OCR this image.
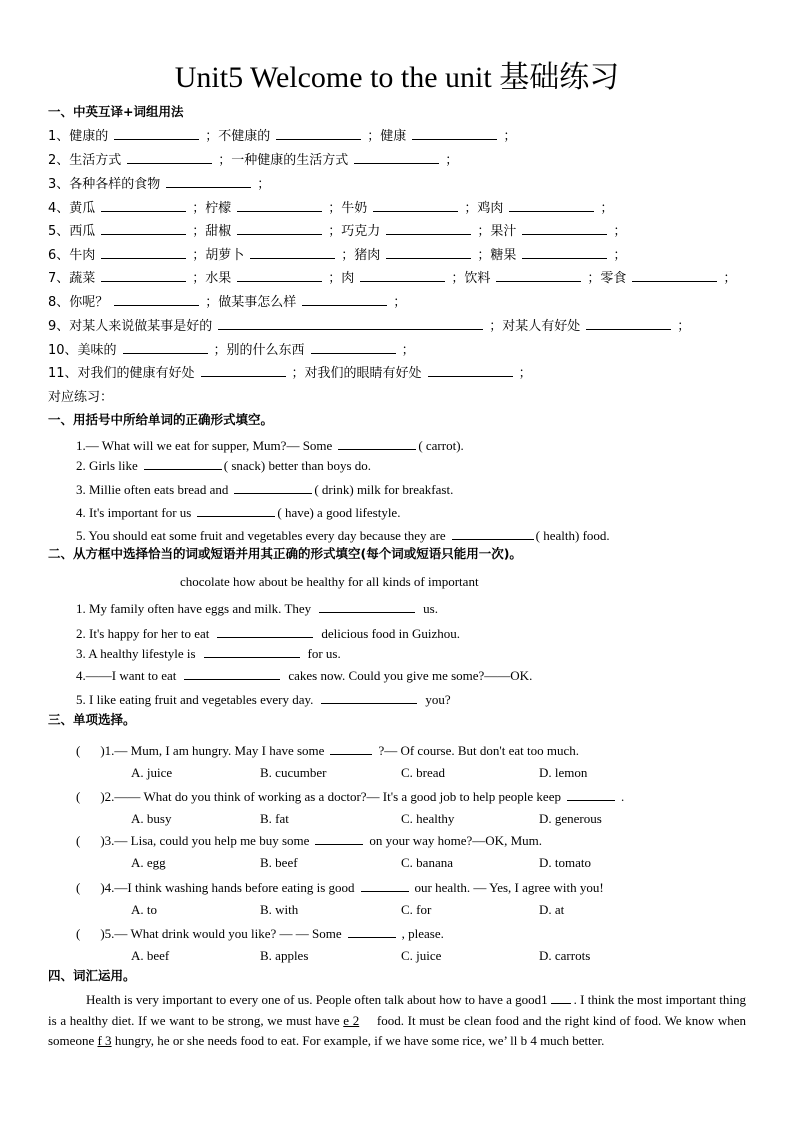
Unit5 Welcome to the unit 基础练习
一、中英互译+词组用法
1、健康的	；不健康的	；健康	；
2、生活方式	；一种健康的生活方式	；
3、各种各样的食物	；
4、黄瓜	；柠檬	；牛奶	；鸡肉	；
5、西瓜	；甜椒	；巧克力	；果汁	；
6、牛肉	；胡萝卜	；猪肉	；糖果	；
7、蔬菜	；水果	；肉	；饮料	；零食	；
8、你呢？	；做某事怎么样	；
9、对某人来说做某事是好的	；对某人有好处	；
10、美味的	；别的什么东西	；
11、对我们的健康有好处	；对我们的眼睛有好处	；
对应练习：
一、用括号中所给单词的正确形式填空。
1.— What will we eat for supper, Mum?— Some	( carrot).
2. Girls like	( snack) better than boys do.
3. Millie often eats bread and	( drink) milk for breakfast.
4. It's important for us	( have) a good lifestyle.
5. You should eat some fruit and vegetables every day because they are	( health) food.
二、从方框中选择恰当的词或短语并用其正确的形式填空(每个词或短语只能用一次)。
chocolate how about be healthy for all kinds of important
1. My family often have eggs and milk. They	us.
2. It's happy for her to eat	delicious food in Guizhou.
3. A healthy lifestyle is	for us.
4.——I want to eat	cakes now. Could you give me some?——OK.
5. I like eating fruit and vegetables every day.	you?
三、单项选择。
( )1.— Mum, I am hungry. May I have some	?— Of course. But don't eat too much.
A. juice	B. cucumber	C. bread	D. lemon
( )2.—— What do you think of working as a doctor?— It's a good job to help people keep	.
A. busy	B. fat	C. healthy	D. generous
( )3.— Lisa, could you help me buy some	on your way home?—OK, Mum.
A. egg	B. beef	C. banana	D. tomato
( )4.—I think washing hands before eating is good	our health. — Yes, I agree with you!
A. to	B. with	C. for	D. at
( )5.— What drink would you like? — — Some	, please.
A. beef	B. apples	C. juice	D. carrots
四、词汇运用。
Health is very important to every one of us. People often talk about how to have a good1 . I think the most important thing is a healthy diet. If we want to be strong, we must have e 2 food. It must be clean food and the right kind of food. We know when someone f 3 hungry, he or she needs food to eat. For example, if we have some rice, we’ ll b 4 much better.
